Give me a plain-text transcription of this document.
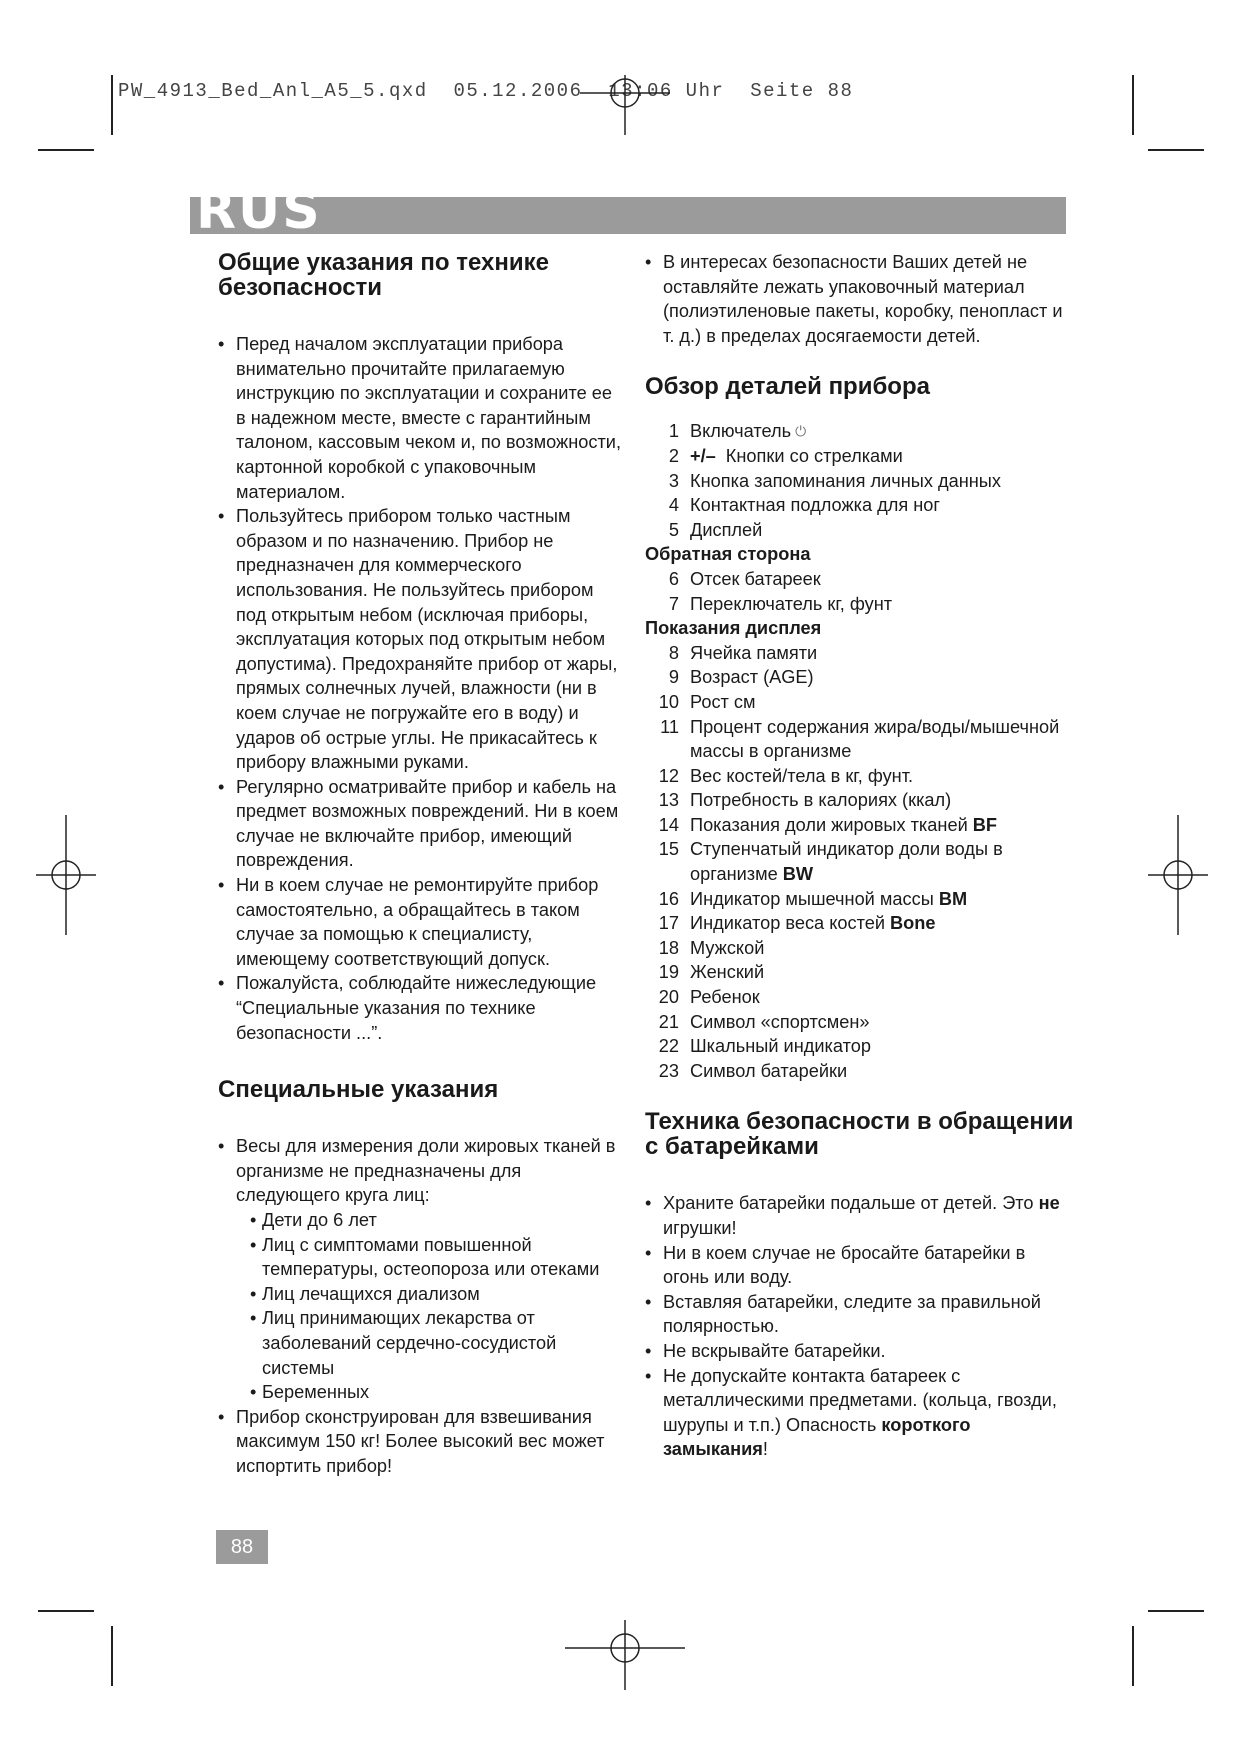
PW_4913_Bed_Anl_A5_5.qxd  05.12.2006  13:06 Uhr  Seite 88
RUS
Общие указания по технике безопасности
• Перед началом эксплуатации прибора внимательно прочитайте прилагаемую инструкцию по эксплуатации и сохраните ее в надежном месте, вместе с гарантийным талоном, кассовым чеком и, по возможности, картонной коробкой с упаковочным материалом.
• Пользуйтесь прибором только частным образом и по назначению. Прибор не предназначен для коммерческого использования. Не пользуйтесь прибором под открытым небом (исключая приборы, эксплуатация которых под открытым небом допустима). Предохраняйте прибор от жары, прямых солнечных лучей, влажности (ни в коем случае не погружайте его в воду) и ударов об острые углы. Не прикасайтесь к прибору влажными руками.
• Регулярно осматривайте прибор и кабель на предмет возможных повреждений. Ни в коем случае не включайте прибор, имеющий повреждения.
• Ни в коем случае не ремонтируйте прибор самостоятельно, а обращайтесь в таком случае за помощью к специалисту, имеющему соответствующий допуск.
• Пожалуйста, соблюдайте нижеследующие “Специальные указания по технике безопасности ...”.
Специальные указания
• Весы для измерения доли жировых тканей в организме не предназначены для следующего круга лиц:
• Дети до 6 лет
• Лиц с симптомами повышенной температуры, остеопороза или отеками
• Лиц лечащихся диализом
• Лиц принимающих лекарства от заболеваний сердечно-сосудистой системы
• Беременных
• Прибор сконструирован для взвешивания максимум 150 кг! Более высокий вес может испортить прибор!
• В интересах безопасности Ваших детей не оставляйте лежать упаковочный материал (полиэтиленовые пакеты, коробку, пенопласт и т. д.) в пределах досягаемости детей.
Обзор деталей прибора
1 Включатель ⏻
2 +/– Кнопки со стрелками
3 Кнопка запоминания личных данных
4 Контактная подложка для ног
5 Дисплей
Обратная сторона
6 Отсек батареек
7 Переключатель кг, фунт
Показания дисплея
8 Ячейка памяти
9 Возраст (AGE)
10 Рост см
11 Процент содержания жира/воды/мышечной массы в организме
12 Вес костей/тела в кг, фунт.
13 Потребность в калориях (ккал)
14 Показания доли жировых тканей BF
15 Ступенчатый индикатор доли воды в организме BW
16 Индикатор мышечной массы BM
17 Индикатор веса костей Bone
18 Мужской
19 Женский
20 Ребенок
21 Символ «спортсмен»
22 Шкальный индикатор
23 Символ батарейки
Техника безопасности в обращении с батарейками
• Храните батарейки подальше от детей. Это не игрушки!
• Ни в коем случае не бросайте батарейки в огонь или воду.
• Вставляя батарейки, следите за правильной полярностью.
• Не вскрывайте батарейки.
• Не допускайте контакта батареек с металлическими предметами. (кольца, гвозди, шурупы и т.п.) Опасность короткого замыкания!
88
